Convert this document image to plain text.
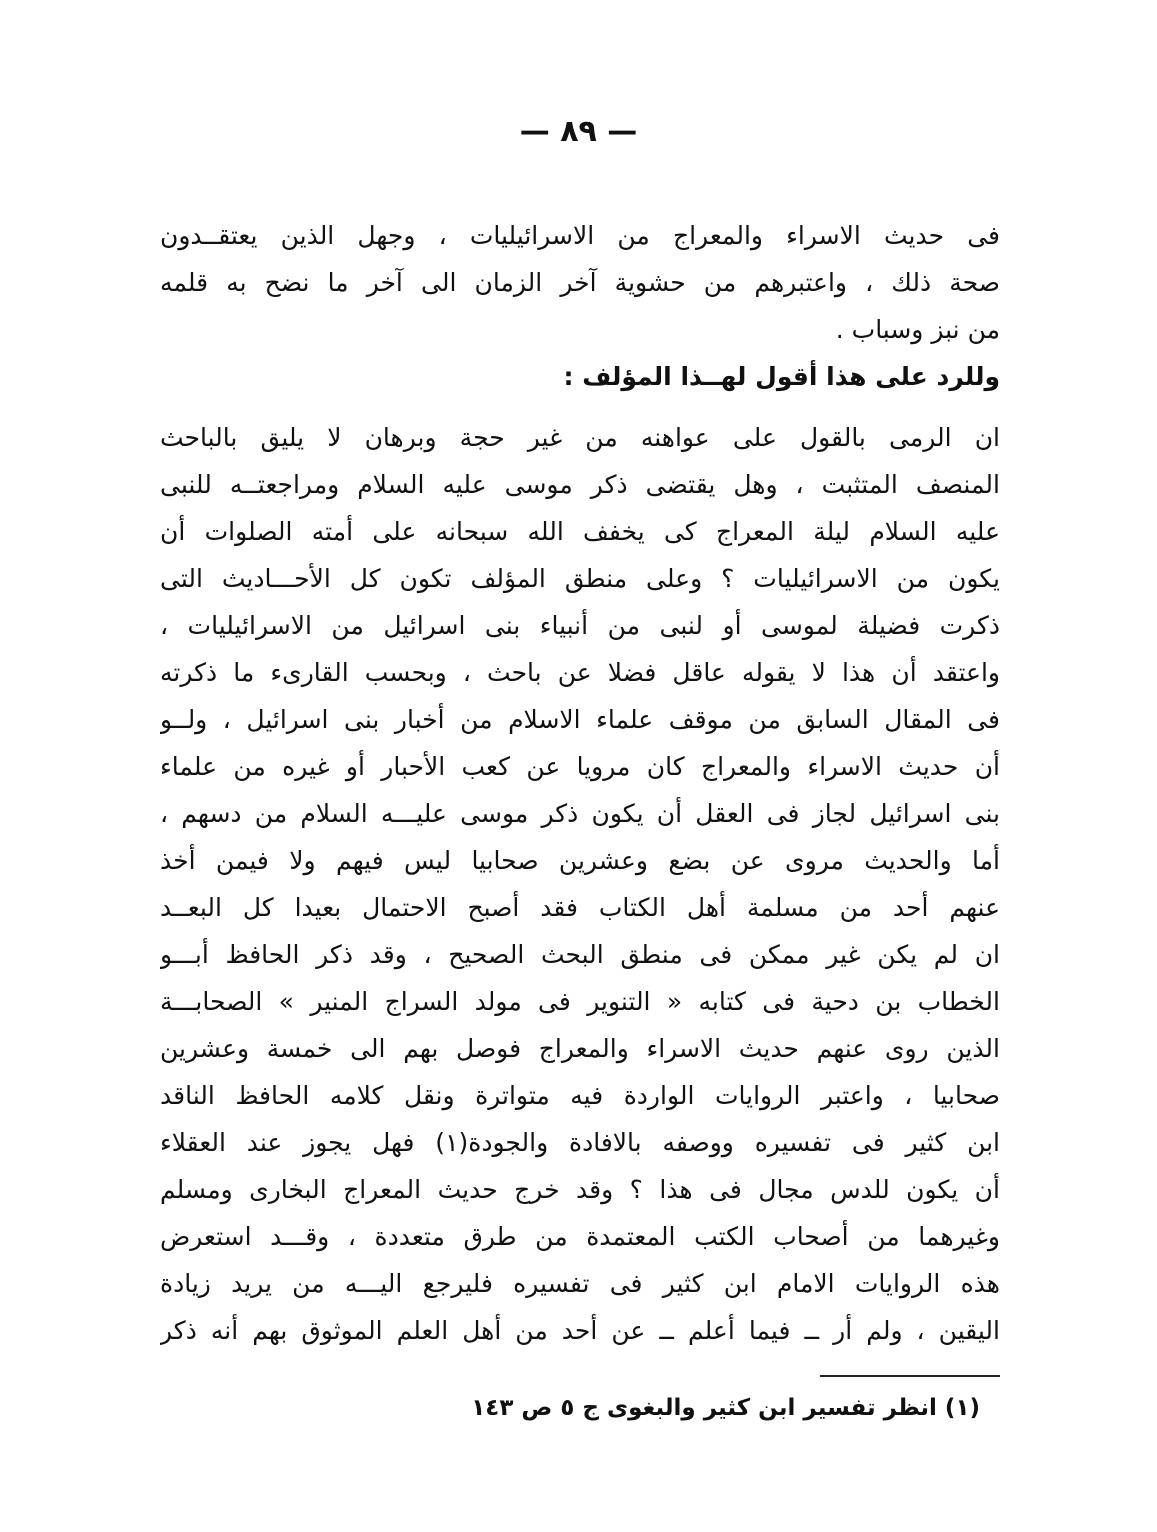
— ٨٩ —
فى حديث الاسراء والمعراج من الاسرائيليات ، وجهل الذين يعتقــدون
صحة ذلك ، واعتبرهم من حشوية آخر الزمان الى آخر ما نضح به قلمه
من نبز وسباب .
وللرد على هذا أقول لهــذا المؤلف :
ان الرمى بالقول على عواهنه من غير حجة وبرهان لا يليق بالباحث
المنصف المتثبت ، وهل يقتضى ذكر موسى عليه السلام ومراجعتــه للنبى
عليه السلام ليلة المعراج كى يخفف الله سبحانه على أمته الصلوات أن
يكون من الاسرائيليات ؟ وعلى منطق المؤلف تكون كل الأحـــاديث التى
ذكرت فضيلة لموسى أو لنبى من أنبياء بنى اسرائيل من الاسرائيليات ،
واعتقد أن هذا لا يقوله عاقل فضلا عن باحث ، وبحسب القارىء ما ذكرته
فى المقال السابق من موقف علماء الاسلام من أخبار بنى اسرائيل ، ولــو
أن حديث الاسراء والمعراج كان مرويا عن كعب الأحبار أو غيره من علماء
بنى اسرائيل لجاز فى العقل أن يكون ذكر موسى عليـــه السلام من دسهم ،
أما والحديث مروى عن بضع وعشرين صحابيا ليس فيهم ولا فيمن أخذ
عنهم أحد من مسلمة أهل الكتاب فقد أصبح الاحتمال بعيدا كل البعــد
ان لم يكن غير ممكن فى منطق البحث الصحيح ، وقد ذكر الحافظ أبـــو
الخطاب بن دحية فى كتابه « التنوير فى مولد السراج المنير » الصحابـــة
الذين روى عنهم حديث الاسراء والمعراج فوصل بهم الى خمسة وعشرين
صحابيا ، واعتبر الروايات الواردة فيه متواترة ونقل كلامه الحافظ الناقد
ابن كثير فى تفسيره ووصفه بالافادة والجودة(١) فهل يجوز عند العقلاء
أن يكون للدس مجال فى هذا ؟ وقد خرج حديث المعراج البخارى ومسلم
وغيرهما من أصحاب الكتب المعتمدة من طرق متعددة ، وقـــد استعرض
هذه الروايات الامام ابن كثير فى تفسيره فليرجع اليـــه من يريد زيادة
اليقين ، ولم أر ــ فيما أعلم ــ عن أحد من أهل العلم الموثوق بهم أنه ذكر
(١) انظر تفسير ابن كثير والبغوى ج ٥ ص ١٤٣
